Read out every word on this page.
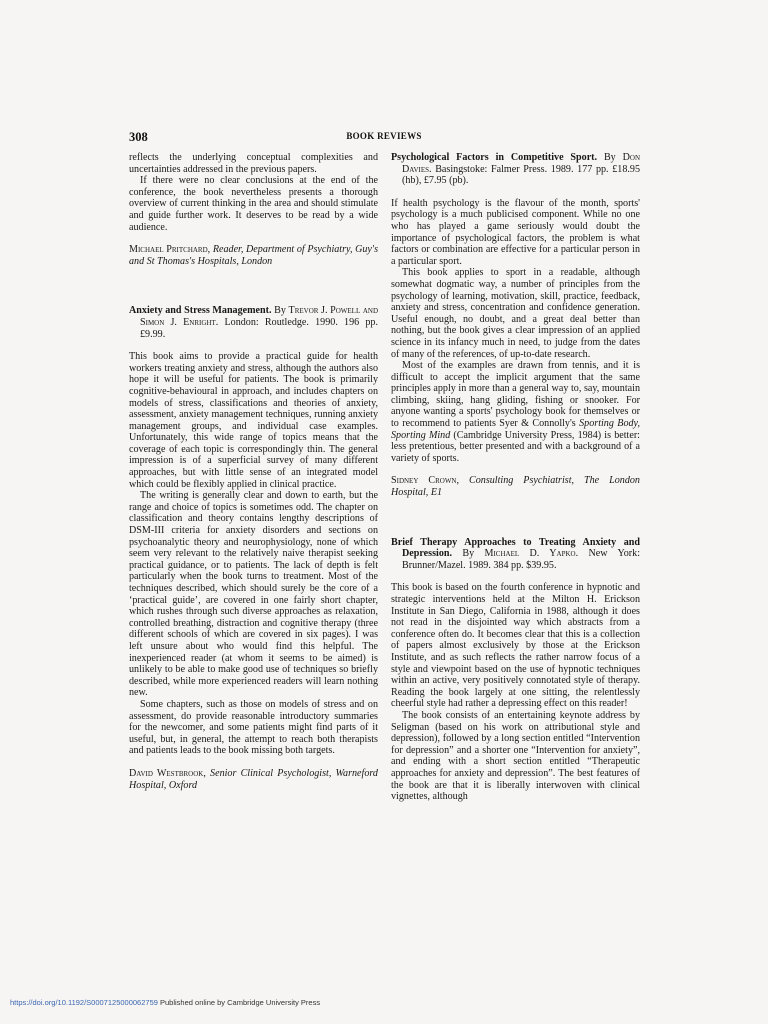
308	BOOK REVIEWS

reflects the underlying conceptual complexities and uncertainties addressed in the previous papers.

If there were no clear conclusions at the end of the conference, the book nevertheless presents a thorough overview of current thinking in the area and should stimulate and guide further work. It deserves to be read by a wide audience.

Michael Pritchard, Reader, Department of Psychiatry, Guy's and St Thomas's Hospitals, London

Anxiety and Stress Management. By Trevor J. Powell and Simon J. Enright. London: Routledge. 1990. 196 pp. £9.99.

This book aims to provide a practical guide for health workers treating anxiety and stress, although the authors also hope it will be useful for patients. The book is primarily cognitive-behavioural in approach, and includes chapters on models of stress, classifications and theories of anxiety, assessment, anxiety management techniques, running anxiety management groups, and individual case examples. Unfortunately, this wide range of topics means that the coverage of each topic is correspondingly thin. The general impression is of a superficial survey of many different approaches, but with little sense of an integrated model which could be flexibly applied in clinical practice.

The writing is generally clear and down to earth, but the range and choice of topics is sometimes odd. The chapter on classification and theory contains lengthy descriptions of DSM-III criteria for anxiety disorders and sections on psychoanalytic theory and neurophysiology, none of which seem very relevant to the relatively naive therapist seeking practical guidance, or to patients. The lack of depth is felt particularly when the book turns to treatment. Most of the techniques described, which should surely be the core of a ‘practical guide’, are covered in one fairly short chapter, which rushes through such diverse approaches as relaxation, controlled breathing, distraction and cognitive therapy (three different schools of which are covered in six pages). I was left unsure about who would find this helpful. The inexperienced reader (at whom it seems to be aimed) is unlikely to be able to make good use of techniques so briefly described, while more experienced readers will learn nothing new.

Some chapters, such as those on models of stress and on assessment, do provide reasonable introductory summaries for the newcomer, and some patients might find parts of it useful, but, in general, the attempt to reach both therapists and patients leads to the book missing both targets.

David Westbrook, Senior Clinical Psychologist, Warneford Hospital, Oxford

Psychological Factors in Competitive Sport. By Don Davies. Basingstoke: Falmer Press. 1989. 177 pp. £18.95 (hb), £7.95 (pb).

If health psychology is the flavour of the month, sports' psychology is a much publicised component. While no one who has played a game seriously would doubt the importance of psychological factors, the problem is what factors or combination are effective for a particular person in a particular sport.

This book applies to sport in a readable, although somewhat dogmatic way, a number of principles from the psychology of learning, motivation, skill, practice, feedback, anxiety and stress, concentration and confidence generation. Useful enough, no doubt, and a great deal better than nothing, but the book gives a clear impression of an applied science in its infancy much in need, to judge from the dates of many of the references, of up-to-date research.

Most of the examples are drawn from tennis, and it is difficult to accept the implicit argument that the same principles apply in more than a general way to, say, mountain climbing, skiing, hang gliding, fishing or snooker. For anyone wanting a sports' psychology book for themselves or to recommend to patients Syer & Connolly's Sporting Body, Sporting Mind (Cambridge University Press, 1984) is better: less pretentious, better presented and with a background of a variety of sports.

Sidney Crown, Consulting Psychiatrist, The London Hospital, E1

Brief Therapy Approaches to Treating Anxiety and Depression. By Michael D. Yapko. New York: Brunner/Mazel. 1989. 384 pp. $39.95.

This book is based on the fourth conference in hypnotic and strategic interventions held at the Milton H. Erickson Institute in San Diego, California in 1988, although it does not read in the disjointed way which abstracts from a conference often do. It becomes clear that this is a collection of papers almost exclusively by those at the Erickson Institute, and as such reflects the rather narrow focus of a style and viewpoint based on the use of hypnotic techniques within an active, very positively connotated style of therapy. Reading the book largely at one sitting, the relentlessly cheerful style had rather a depressing effect on this reader!

The book consists of an entertaining keynote address by Seligman (based on his work on attributional style and depression), followed by a long section entitled “Intervention for depression” and a shorter one “Intervention for anxiety”, and ending with a short section entitled “Therapeutic approaches for anxiety and depression”. The best features of the book are that it is liberally interwoven with clinical vignettes, although

https://doi.org/10.1192/S0007125000062759 Published online by Cambridge University Press
